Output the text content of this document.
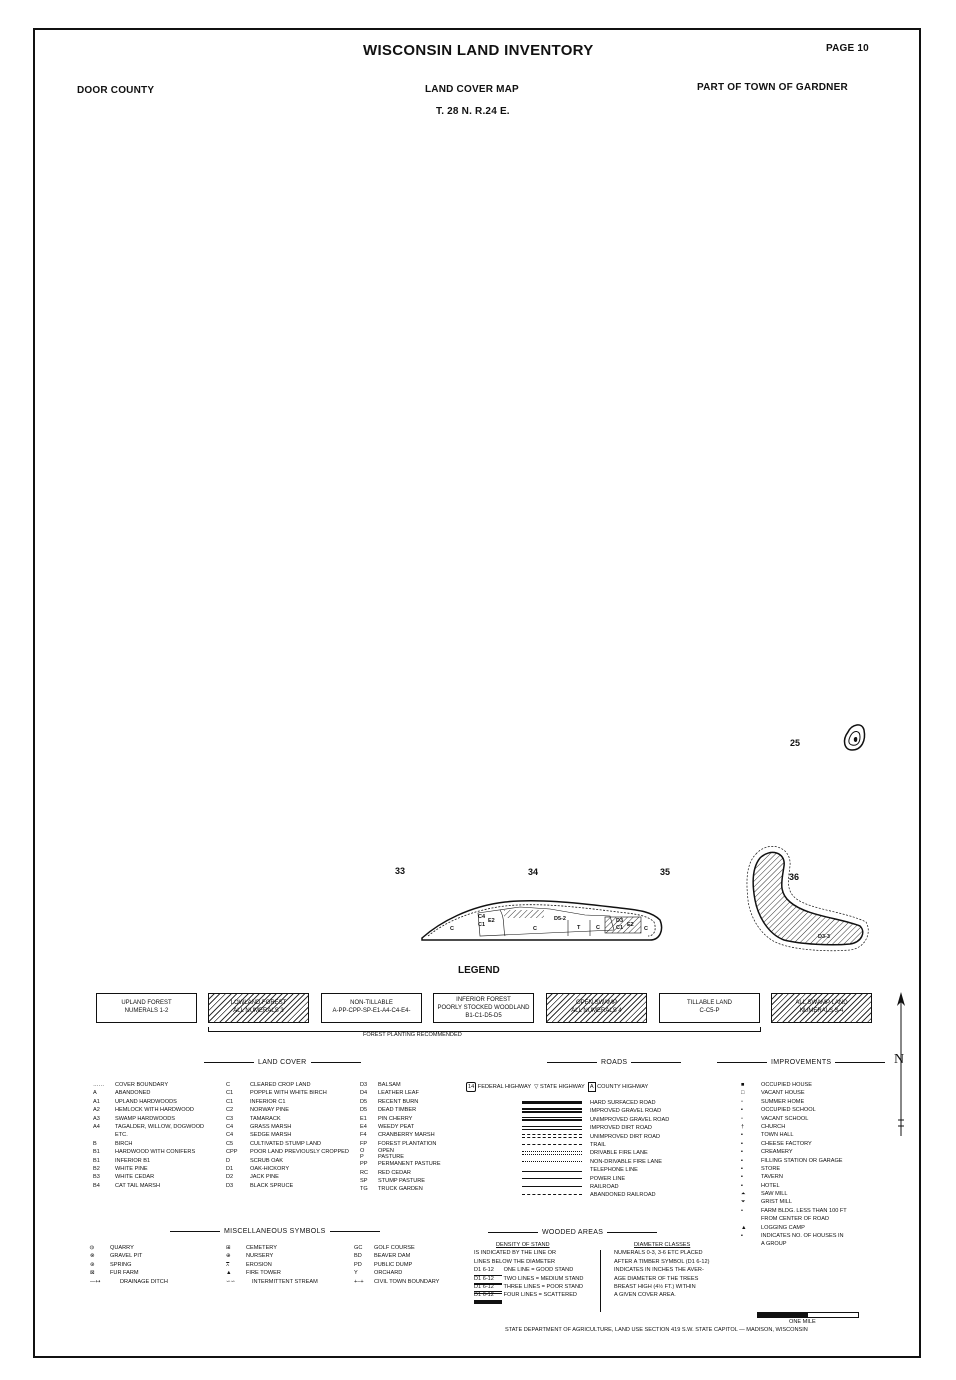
WISCONSIN LAND INVENTORY	PAGE 10
DOOR COUNTY	LAND COVER MAP
T. 28 N. R.24 E.
PART OF TOWN OF GARDNER
25
33	34	35	36
C
C4
C1
E2
C
D5-2
T	C	C
D3
C1 E2
D3-3
LEGEND
UPLAND FOREST
NUMERALS 1-2
LOWLAND FOREST
ALL NUMERALS 3
NON-TILLABLE
A-PP-CPP-SP-E1-A4-C4-E4-
INFERIOR FOREST
POORLY STOCKED WOODLAND
B1-C1-D5-D5
OPEN SWAMP
ALL NUMERALS 4
TILLABLE LAND
C-C5-P
ALL SWAMP LAND
NUMERALS 3-4
FOREST PLANTING RECOMMENDED
N
LAND COVER	ROADS	IMPROVEMENTS
…… COVER BOUNDARY
A	ABANDONED
A1	UPLAND HARDWOODS
A2	HEMLOCK WITH HARDWOOD
A3	SWAMP HARDWOODS
A4	TAGALDER, WILLOW, DOGWOOD
ETC.
B	BIRCH
B1	HARDWOOD WITH CONIFERS
B1	INFERIOR B1
B2	WHITE PINE
B3	WHITE CEDAR
B4	CAT TAIL MARSH
C	CLEARED CROP LAND
C1	POPPLE WITH WHITE BIRCH
C1	INFERIOR C1
C2	NORWAY PINE
C3	TAMARACK
C4	GRASS MARSH
C4	SEDGE MARSH
C5	CULTIVATED STUMP LAND
CPP POOR LAND PREVIOUSLY CROPPED
D	SCRUB OAK
D1	OAK-HICKORY
D2	JACK PINE
D3	BLACK SPRUCE
D3 BALSAM
D4 LEATHER LEAF
D5 RECENT BURN
D5 DEAD TIMBER
E1 PIN CHERRY
E4 WEEDY PEAT
F4 CRANBERRY MARSH
FP FOREST PLANTATION
O OPEN
P	PASTURE
PP PERMANENT PASTURE
RC RED CEDAR
SP STUMP PASTURE
TG TRUCK GARDEN
14 FEDERAL HIGHWAY ▽ STATE HIGHWAY A COUNTY HIGHWAY
HARD SURFACED ROAD
IMPROVED GRAVEL ROAD
UNIMPROVED GRAVEL ROAD
IMPROVED DIRT ROAD
UNIMPROVED DIRT ROAD
TRAIL
DRIVABLE FIRE LANE
NON-DRIVABLE FIRE LANE
TELEPHONE LINE
POWER LINE
RAILROAD
ABANDONED RAILROAD
■	OCCUPIED HOUSE
□	VACANT HOUSE
▫	SUMMER HOME
▪	OCCUPIED SCHOOL
▫	VACANT SCHOOL
†	CHURCH
▪	TOWN HALL
▪	CHEESE FACTORY
▪	CREAMERY
▪	FILLING STATION OR GARAGE
▪	STORE
▪	TAVERN
▪	HOTEL
⏶	SAW MILL
⏷	GRIST MILL
•	FARM BLDG. LESS THAN 100 FT
FROM CENTER OF ROAD
▲	LOGGING CAMP
▪	INDICATES NO. OF HOUSES IN
A GROUP
MISCELLANEOUS SYMBOLS
⦶	QUARRY
⊗	GRAVEL PIT
⊛	SPRING
⊠	FUR FARM
—↦	DRAINAGE DITCH
⊞	CEMETERY
⊕	NURSERY
⩞	EROSION
▲	FIRE TOWER
∽∽	INTERMITTENT STREAM
GC GOLF COURSE
BD BEAVER DAM
PD PUBLIC DUMP
Y	ORCHARD
+–+ CIVIL TOWN BOUNDARY
WOODED AREAS
DENSITY OF STAND
IS INDICATED BY THE LINE OR
LINES BELOW THE DIAMETER
D1 6-12 ONE LINE = GOOD STAND
D1 6-12 TWO LINES = MEDIUM STAND
D1 6-12 THREE LINES = POOR STAND
D1 6-12 FOUR LINES = SCATTERED
DIAMETER CLASSES
NUMERALS 0-3, 3-6 ETC PLACED
AFTER A TIMBER SYMBOL (D1 6-12)
INDICATES IN INCHES THE AVER-
AGE DIAMETER OF THE TREES
BREAST HIGH (4½ FT.) WITHIN
A GIVEN COVER AREA.
ONE MILE
STATE DEPARTMENT OF AGRICULTURE, LAND USE SECTION 419 S.W. STATE CAPITOL — MADISON, WISCONSIN
